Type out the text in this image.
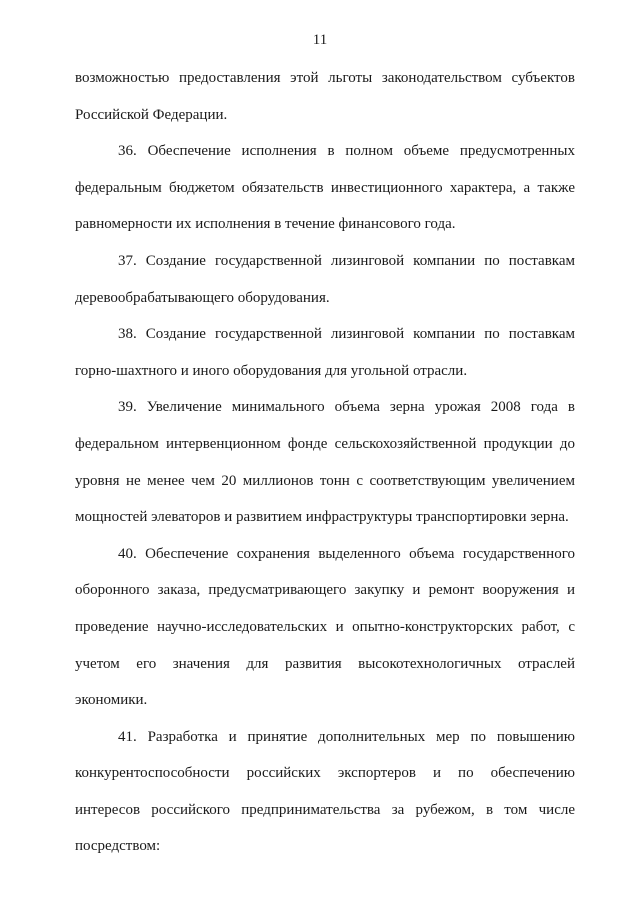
11
возможностью предоставления этой льготы законодательством субъектов
Российской Федерации.
36. Обеспечение исполнения в полном объеме предусмотренных
федеральным бюджетом обязательств инвестиционного характера, а также
равномерности их исполнения в течение финансового года.
37. Создание государственной лизинговой компании по поставкам
деревообрабатывающего оборудования.
38. Создание государственной лизинговой компании по поставкам
горно-шахтного и иного оборудования для угольной отрасли.
39. Увеличение минимального объема зерна урожая 2008 года в
федеральном интервенционном фонде сельскохозяйственной продукции до
уровня не менее чем 20 миллионов тонн с соответствующим увеличением
мощностей элеваторов и развитием инфраструктуры транспортировки зерна.
40. Обеспечение сохранения выделенного объема государственного
оборонного заказа, предусматривающего закупку и ремонт вооружения и
проведение научно-исследовательских и опытно-конструкторских работ, с
учетом его значения для развития высокотехнологичных отраслей
экономики.
41. Разработка и принятие дополнительных мер по повышению
конкурентоспособности российских экспортеров и по обеспечению
интересов российского предпринимательства за рубежом, в том числе
посредством:
